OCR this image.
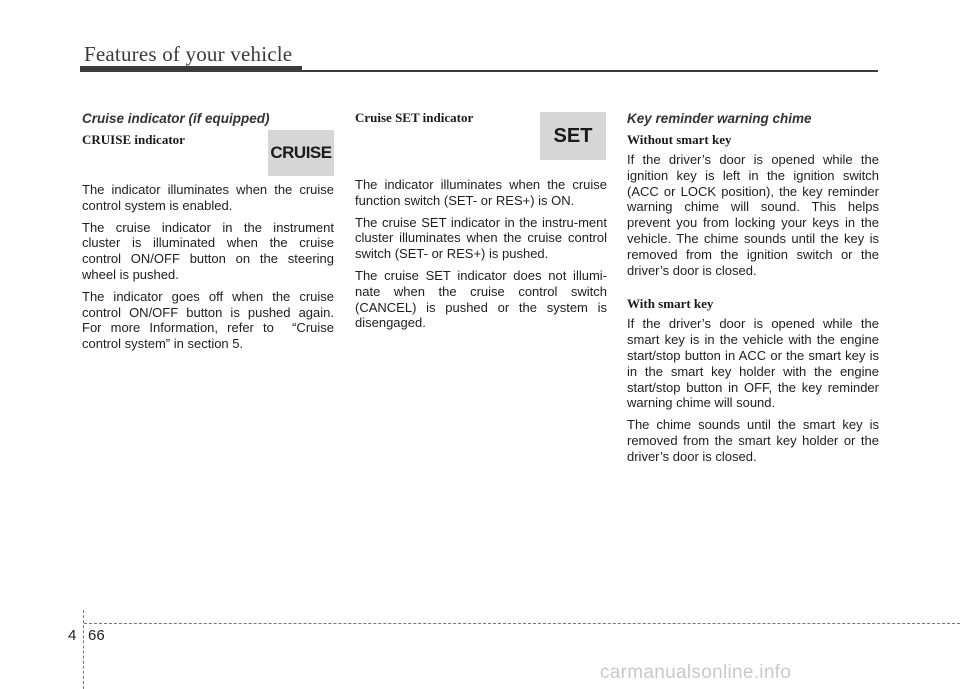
Features of your vehicle
CRUISE
SET
Cruise indicator (if equipped)
CRUISE indicator

The indicator illuminates when the cruise control system is enabled.

The cruise indicator in the instrument cluster is illuminated when the cruise control ON/OFF button on the steering wheel is pushed.

The indicator goes off when the cruise control ON/OFF button is pushed again. For more Information, refer to  “Cruise control system” in section 5.

Cruise SET indicator

The indicator illuminates when the cruise function switch (SET- or RES+) is ON.

The cruise SET indicator in the instru-ment cluster illuminates when the cruise control switch (SET- or RES+) is pushed.

The cruise SET indicator does not illumi-nate when the cruise control switch (CANCEL) is pushed or the system is disengaged.

Key reminder warning chime
Without smart key

If the driver’s door is opened while the ignition key is left in the ignition switch (ACC or LOCK position), the key reminder warning chime will sound. This helps prevent you from locking your keys in the vehicle. The chime sounds until the key is removed from the ignition switch or the driver’s door is closed.

With smart key

If the driver’s door is opened while the smart key is in the vehicle with the engine start/stop button in ACC or the smart key is in the smart key holder with the engine start/stop button in OFF, the key reminder warning chime will sound.

The chime sounds until the smart key is removed from the smart key holder or the driver’s door is closed.

4 66
carmanualsonline.info
